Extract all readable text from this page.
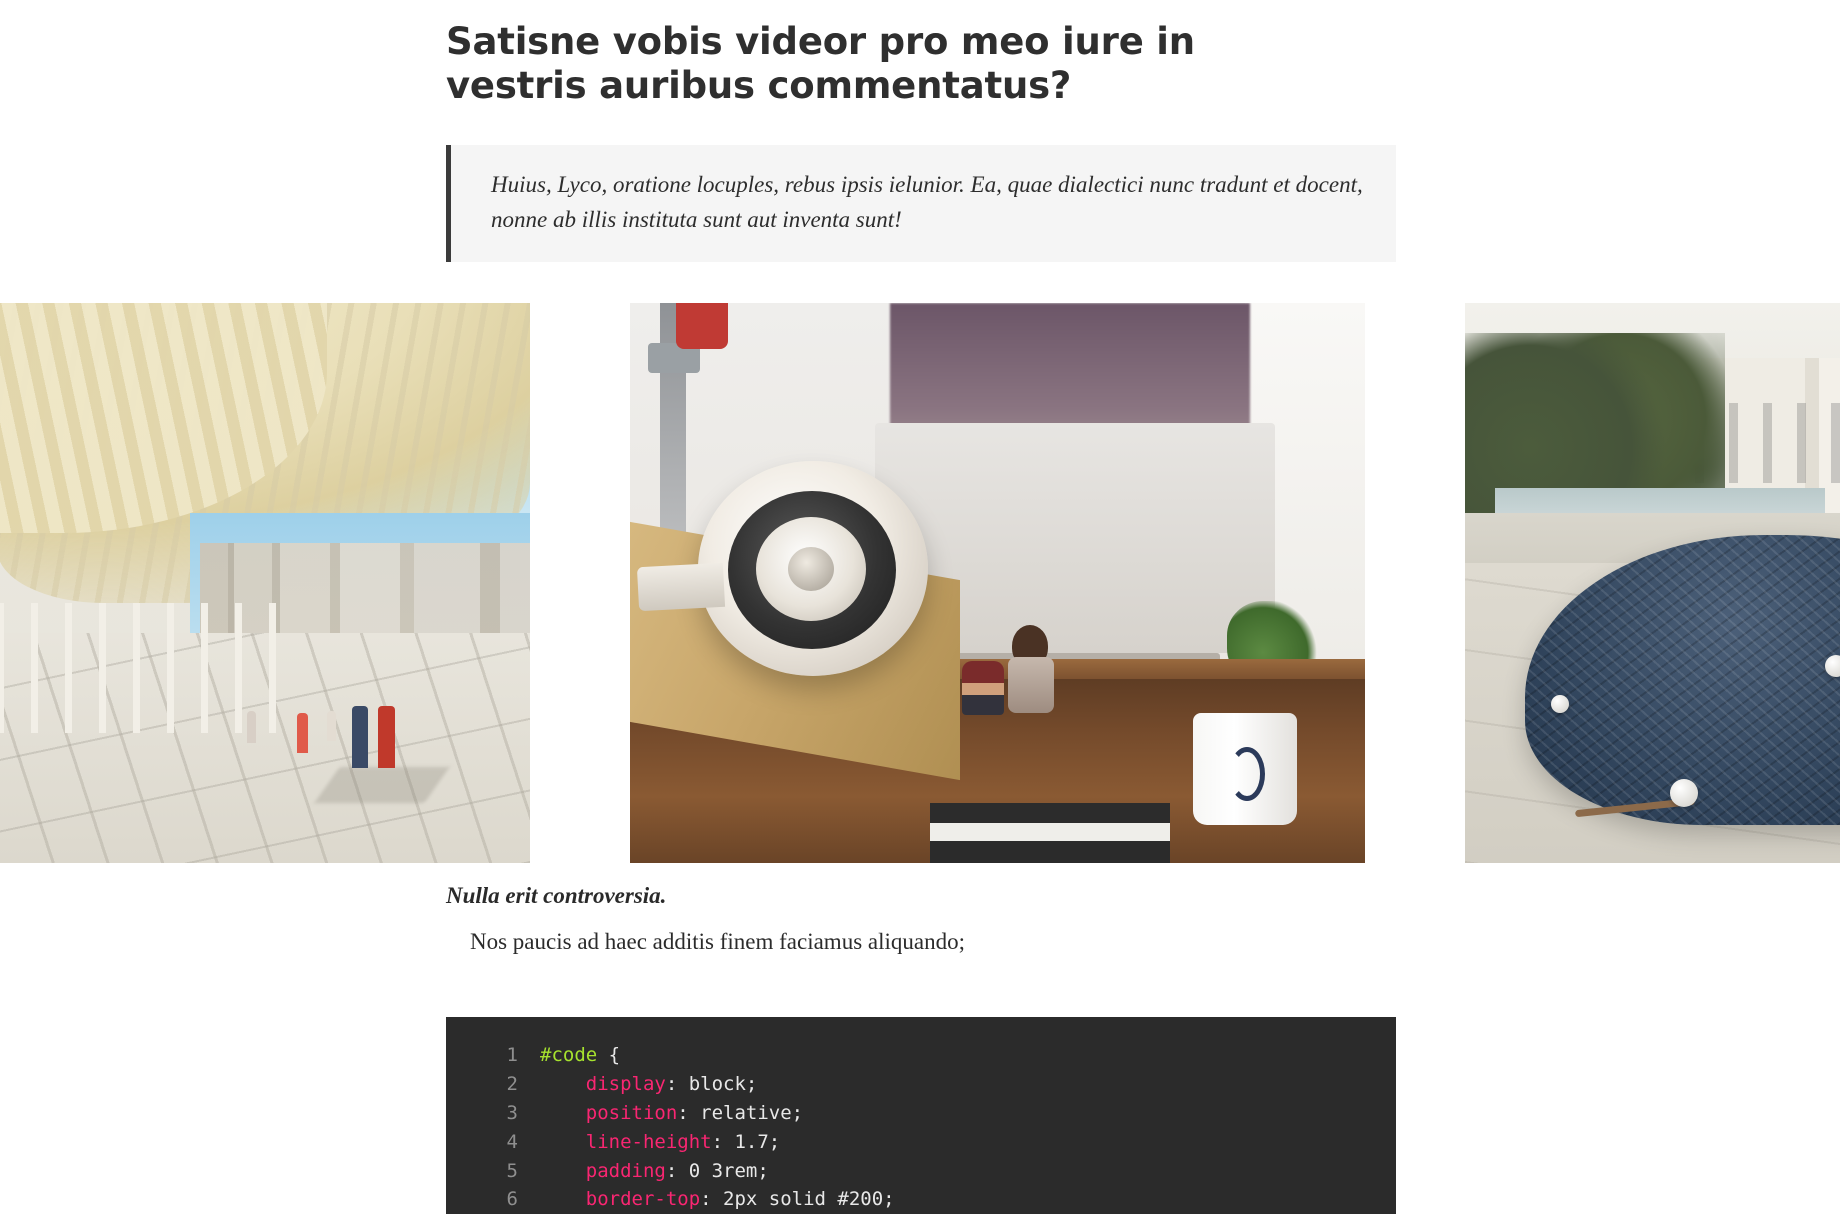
Satisne vobis videor pro meo iure in vestris auribus commentatus?

Huius, Lyco, oratione locuples, rebus ipsis ielunior. Ea, quae dialectici nunc tradunt et docent, nonne ab illis instituta sunt aut inventa sunt!

Nulla erit controversia.

Nos paucis ad haec additis finem faciamus aliquando;

1	#code {
2	display: block;
3	position: relative;
4	line-height: 1.7;
5	padding: 0 3rem;
6	border-top: 2px solid #200;
